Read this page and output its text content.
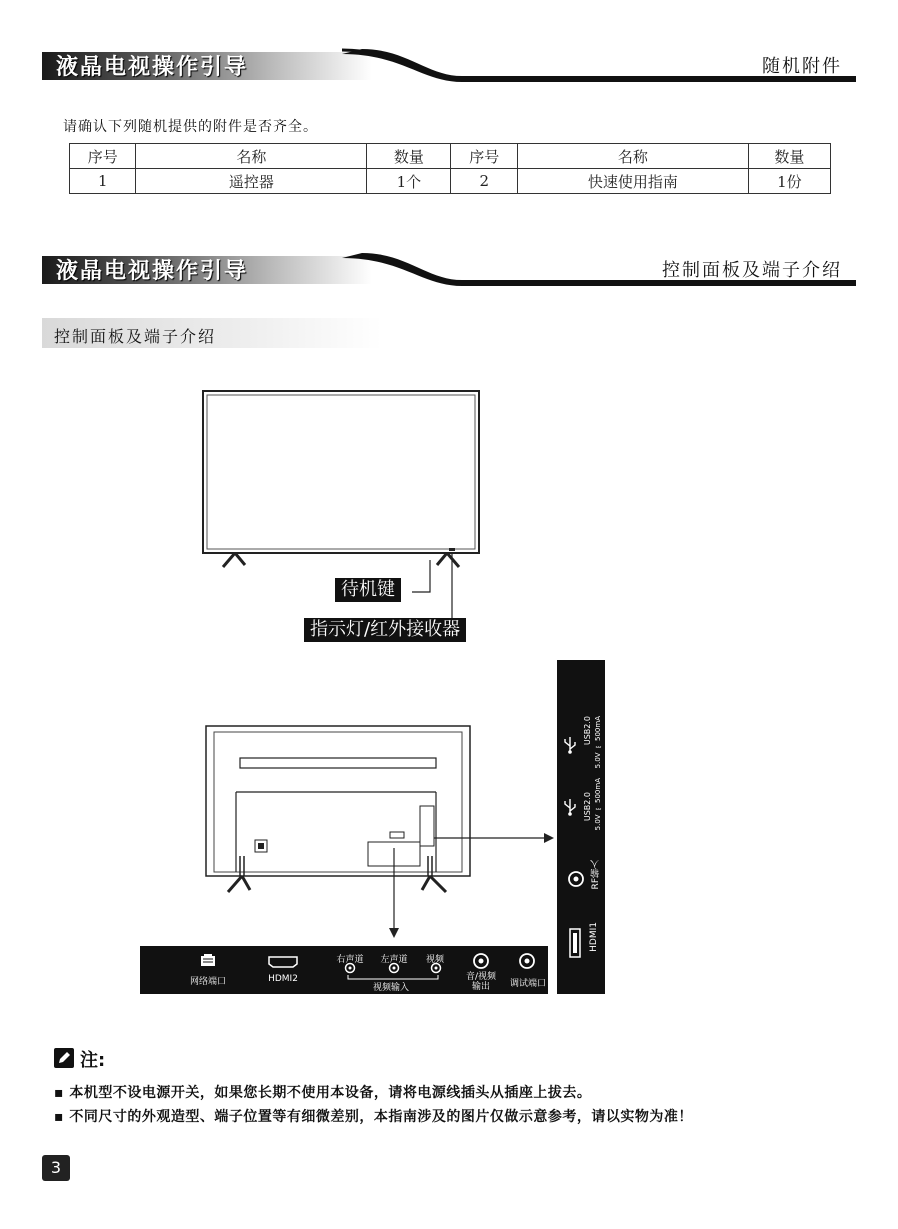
液晶电视操作引导	随机附件
请确认下列随机提供的附件是否齐全。
序号	名称	数量	序号	名称	数量
1	遥控器	1个	2	快速使用指南	1份
液晶电视操作引导	控制面板及端子介绍
控制面板及端子介绍
待机键
指示灯/红外接收器
网络端口	HDMI2
右声道	左声道	视频
视频输入
音/视频
输出	调试端口
USB2.0 5.0V ⎓ 500mA
USB2.0 5.0V ⎓ 500mA
RF输入
HDMI1
注:
▪ 本机型不设电源开关，如果您长期不使用本设备，请将电源线插头从插座上拔去。
▪ 不同尺寸的外观造型、端子位置等有细微差别，本指南涉及的图片仅做示意参考，请以实物为准！
3
